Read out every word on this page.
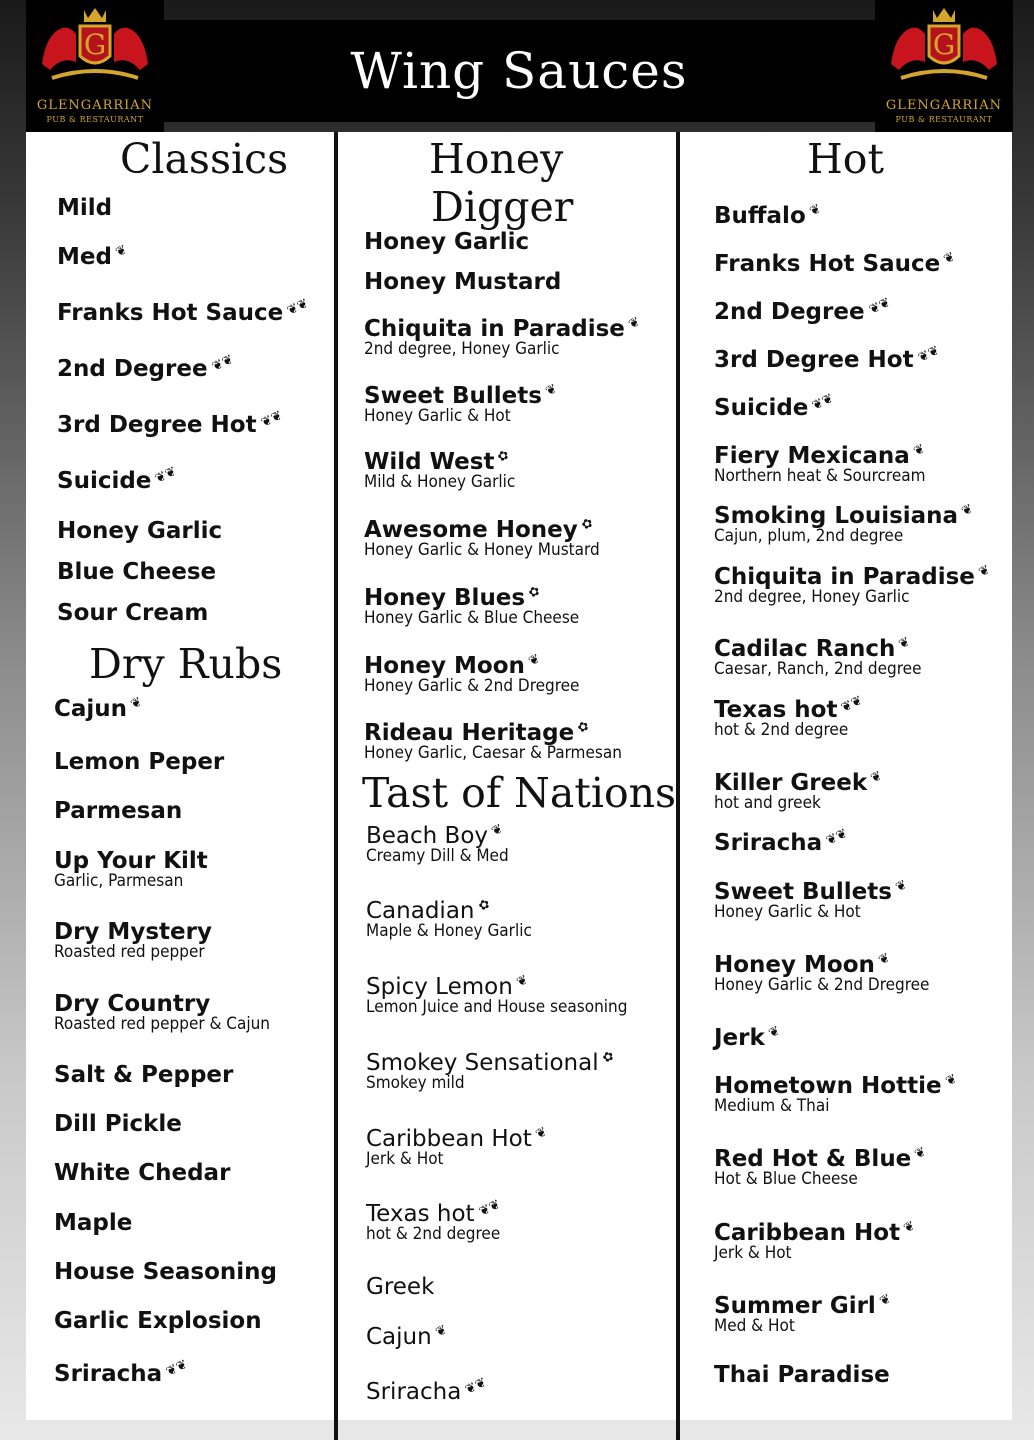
Wing Sauces
G
GLENGARRIAN
PUB & RESTAURANT
G
GLENGARRIAN
PUB & RESTAURANT
Classics
Dry Rubs
Honey
Digger
Tast of Nations
Hot
Mild
Med❦
Franks Hot Sauce ❦❦
2nd Degree ❦❦
3rd Degree Hot ❦❦
Suicide ❦❦
Honey Garlic
Blue Cheese
Sour Cream
Cajun❦
Lemon Peper
Parmesan
Up Your Kilt
Garlic, Parmesan
Dry Mystery
Roasted red pepper
Dry Country
Roasted red pepper & Cajun
Salt & Pepper
Dill Pickle
White Chedar
Maple
House Seasoning
Garlic Explosion
Sriracha ❦❦
Honey Garlic
Honey Mustard
Chiquita in Paradise❦
2nd degree, Honey Garlic
Sweet Bullets❦
Honey Garlic & Hot
Wild West✿
Mild & Honey Garlic
Awesome Honey✿
Honey Garlic & Honey Mustard
Honey Blues✿
Honey Garlic & Blue Cheese
Honey Moon❦
Honey Garlic & 2nd Dregree
Rideau Heritage✿
Honey Garlic, Caesar & Parmesan
Beach Boy❦
Creamy Dill & Med
Canadian✿
Maple & Honey Garlic
Spicy Lemon❦
Lemon Juice and House seasoning
Smokey Sensational✿
Smokey mild
Caribbean Hot❦
Jerk & Hot
Texas hot ❦❦
hot & 2nd degree
Greek
Cajun❦
Sriracha ❦❦
Buffalo❦
Franks Hot Sauce❦
2nd Degree ❦❦
3rd Degree Hot ❦❦
Suicide ❦❦
Fiery Mexicana❦
Northern heat & Sourcream
Smoking Louisiana❦
Cajun, plum, 2nd degree
Chiquita in Paradise❦
2nd degree, Honey Garlic
Cadilac Ranch❦
Caesar, Ranch, 2nd degree
Texas hot ❦❦
hot & 2nd degree
Killer Greek❦
hot and greek
Sriracha ❦❦
Sweet Bullets❦
Honey Garlic & Hot
Honey Moon❦
Honey Garlic & 2nd Dregree
Jerk❦
Hometown Hottie❦
Medium & Thai
Red Hot & Blue❦
Hot & Blue Cheese
Caribbean Hot❦
Jerk & Hot
Summer Girl❦
Med & Hot
Thai Paradise
